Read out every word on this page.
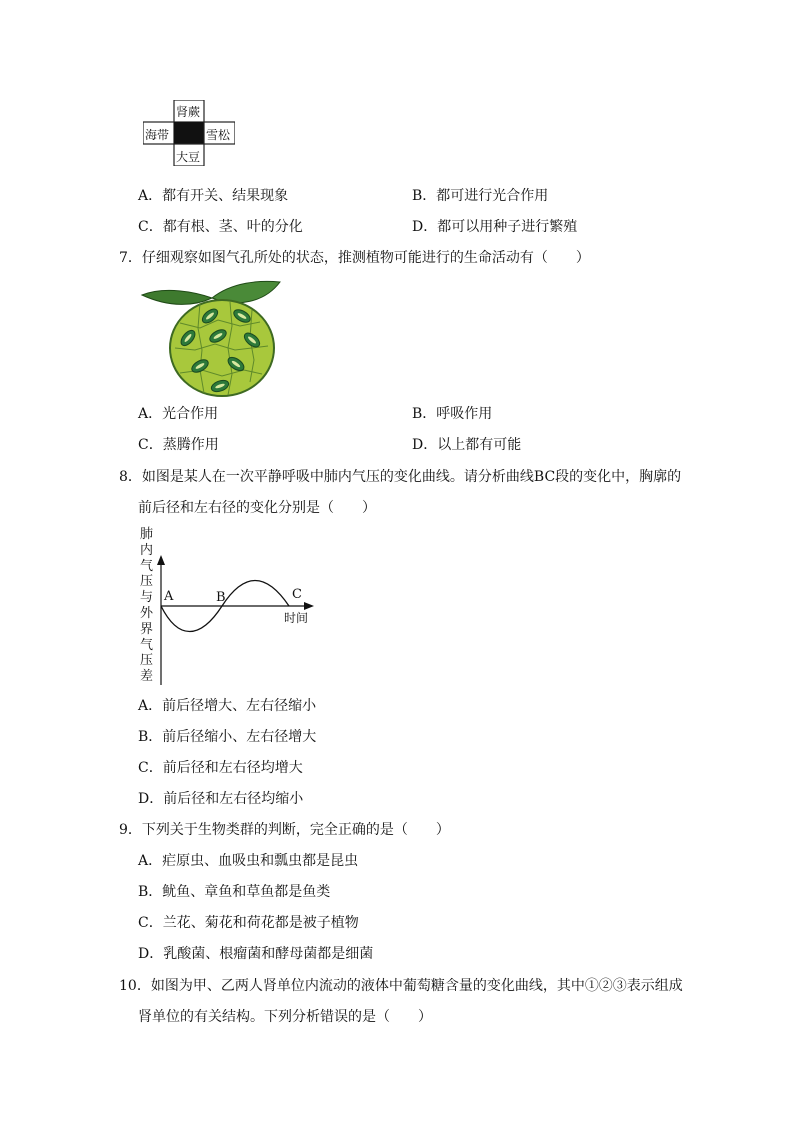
肾蕨
海带	雪松
大豆
A．都有开关、结果现象	B．都可进行光合作用
C．都有根、茎、叶的分化	D．都可以用种子进行繁殖
7．仔细观察如图气孔所处的状态，推测植物可能进行的生命活动有（　　）
A．光合作用	B．呼吸作用
C．蒸腾作用	D．以上都有可能
8．如图是某人在一次平静呼吸中肺内气压的变化曲线。请分析曲线BC段的变化中，胸廓的
前后径和左右径的变化分别是（　　）
肺内气压与外界气压差
A	B	C
时间
A．前后径增大、左右径缩小
B．前后径缩小、左右径增大
C．前后径和左右径均增大
D．前后径和左右径均缩小
9．下列关于生物类群的判断，完全正确的是（　　）
A．疟原虫、血吸虫和瓢虫都是昆虫
B．鱿鱼、章鱼和草鱼都是鱼类
C．兰花、菊花和荷花都是被子植物
D．乳酸菌、根瘤菌和酵母菌都是细菌
10．如图为甲、乙两人肾单位内流动的液体中葡萄糖含量的变化曲线，其中①②③表示组成
肾单位的有关结构。下列分析错误的是（　　）
